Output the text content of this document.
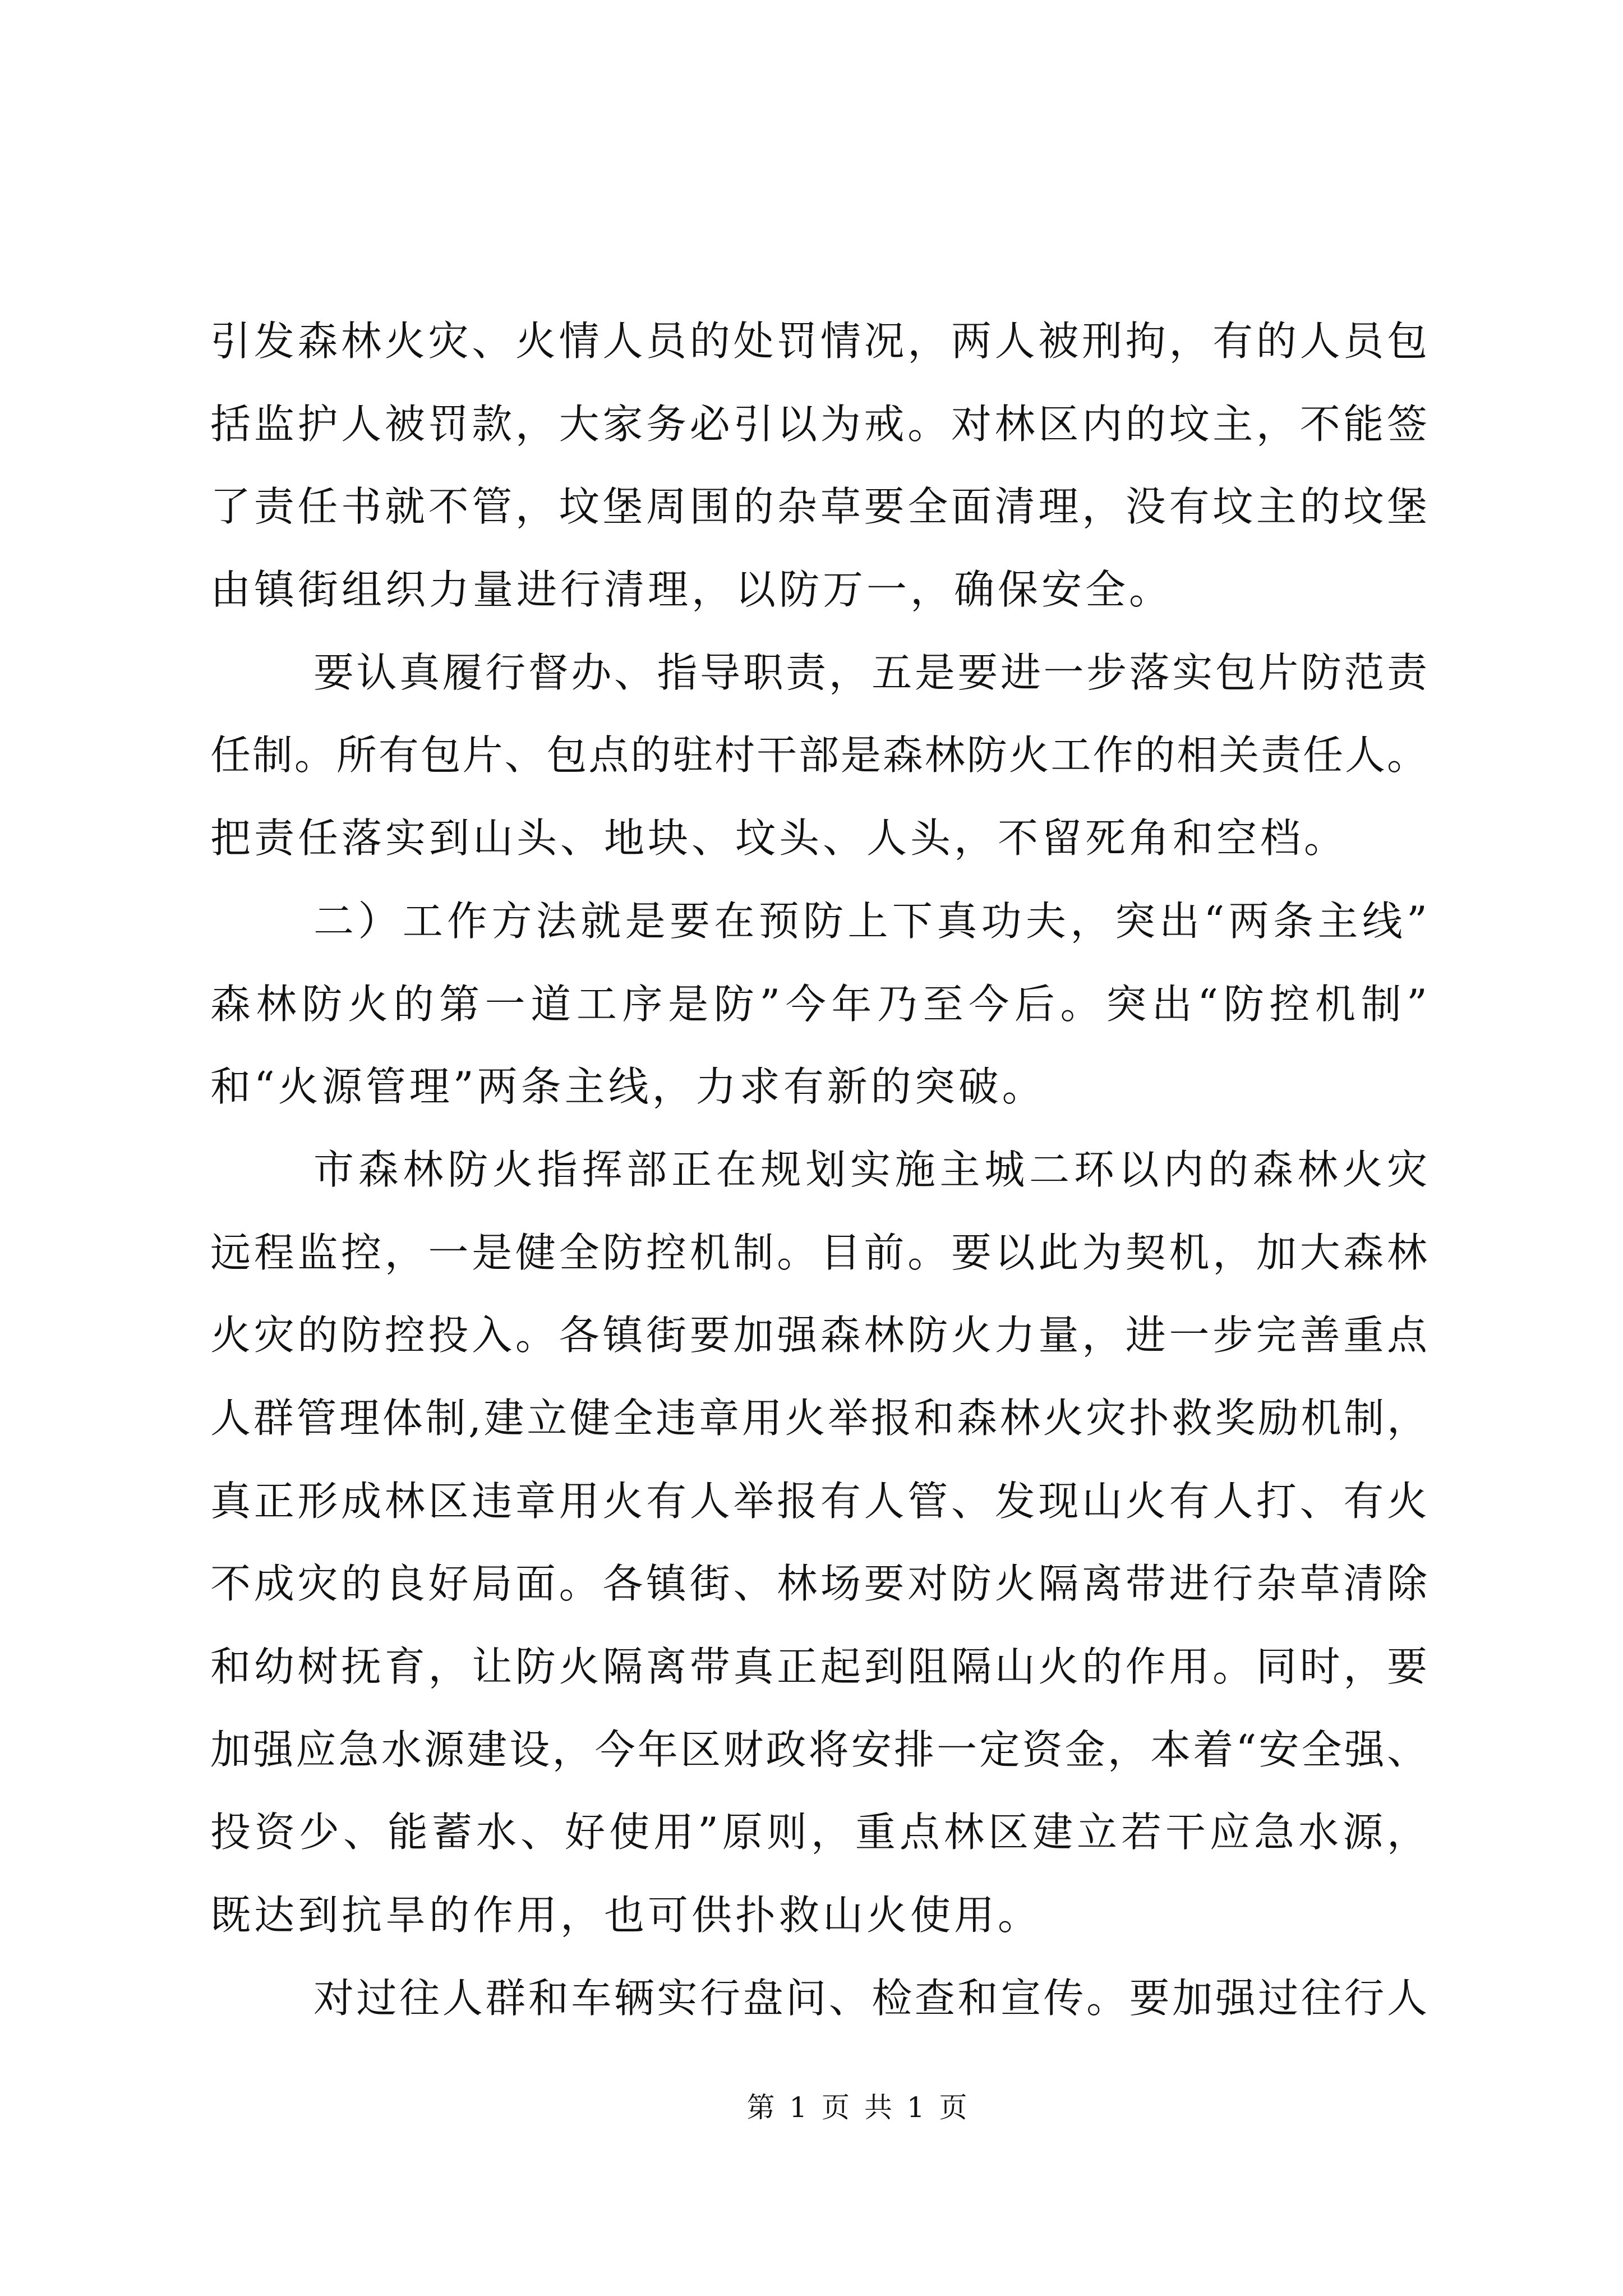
引发森林火灾、火情人员的处罚情况，两人被刑拘，有的人员包
括监护人被罚款，大家务必引以为戒。对林区内的坟主，不能签
了责任书就不管，坟堡周围的杂草要全面清理，没有坟主的坟堡
由镇街组织力量进行清理，以防万一，确保安全。
要认真履行督办、指导职责，五是要进一步落实包片防范责
任制。所有包片、包点的驻村干部是森林防火工作的相关责任人。
把责任落实到山头、地块、坟头、人头，不留死角和空档。
二）工作方法就是要在预防上下真功夫，突出“两条主线”
森林防火的第一道工序是防”今年乃至今后。突出“防控机制”
和“火源管理”两条主线，力求有新的突破。
市森林防火指挥部正在规划实施主城二环以内的森林火灾
远程监控，一是健全防控机制。目前。要以此为契机，加大森林
火灾的防控投入。各镇街要加强森林防火力量，进一步完善重点
人群管理体制,建立健全违章用火举报和森林火灾扑救奖励机制，
真正形成林区违章用火有人举报有人管、发现山火有人打、有火
不成灾的良好局面。各镇街、林场要对防火隔离带进行杂草清除
和幼树抚育，让防火隔离带真正起到阻隔山火的作用。同时，要
加强应急水源建设，今年区财政将安排一定资金，本着“安全强、
投资少、能蓄水、好使用”原则，重点林区建立若干应急水源，
既达到抗旱的作用，也可供扑救山火使用。
对过往人群和车辆实行盘问、检查和宣传。要加强过往行人
第 1 页 共 1 页
